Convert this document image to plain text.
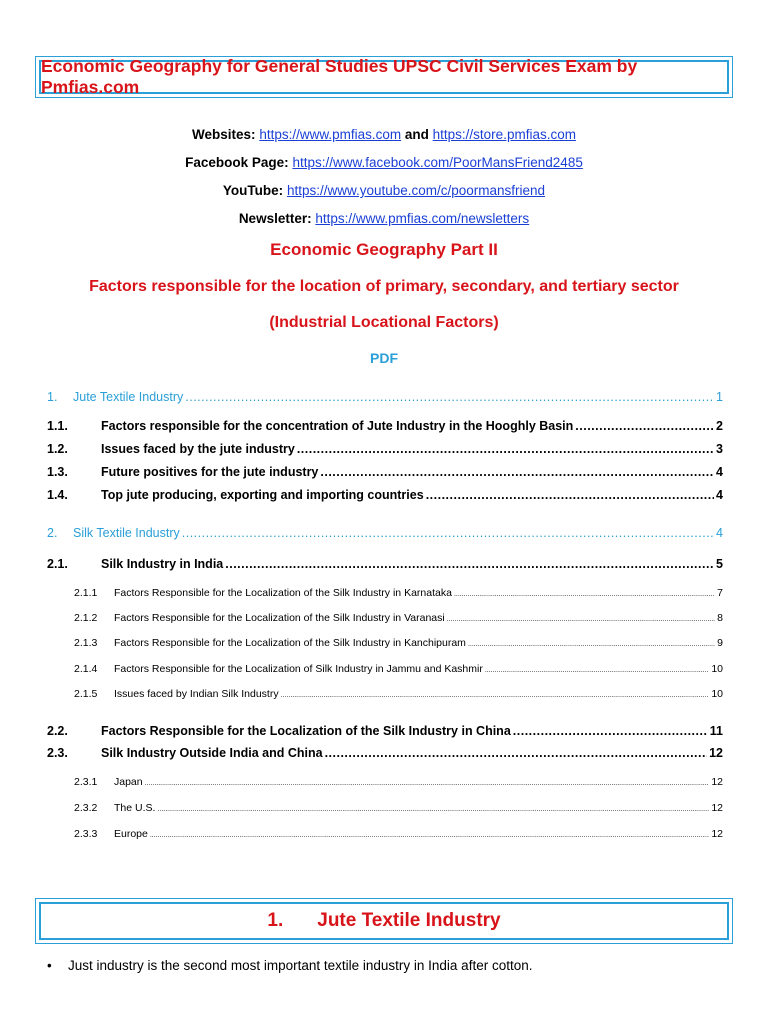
Economic Geography for General Studies UPSC Civil Services Exam by Pmfias.com
Websites: https://www.pmfias.com and https://store.pmfias.com
Facebook Page: https://www.facebook.com/PoorMansFriend2485
YouTube: https://www.youtube.com/c/poormansfriend
Newsletter: https://www.pmfias.com/newsletters
Economic Geography Part II
Factors responsible for the location of primary, secondary, and tertiary sector
(Industrial Locational Factors)
PDF
1.	Jute Textile Industry .....	1
1.1.	Factors responsible for the concentration of Jute Industry in the Hooghly Basin .....	2
1.2.	Issues faced by the jute industry .....	3
1.3.	Future positives for the jute industry .....	4
1.4.	Top jute producing, exporting and importing countries .....	4
2.	Silk Textile Industry .....	4
2.1.	Silk Industry in India .....	5
2.1.1	Factors Responsible for the Localization of the Silk Industry in Karnataka .....	7
2.1.2	Factors Responsible for the Localization of the Silk Industry in Varanasi .....	8
2.1.3	Factors Responsible for the Localization of the Silk Industry in Kanchipuram .....	9
2.1.4	Factors Responsible for the Localization of Silk Industry in Jammu and Kashmir .....	10
2.1.5	Issues faced by Indian Silk Industry .....	10
2.2.	Factors Responsible for the Localization of the Silk Industry in China .....	11
2.3.	Silk Industry Outside India and China .....	12
2.3.1	Japan .....	12
2.3.2	The U.S. .....	12
2.3.3	Europe .....	12
1. Jute Textile Industry
•	Just industry is the second most important textile industry in India after cotton.
